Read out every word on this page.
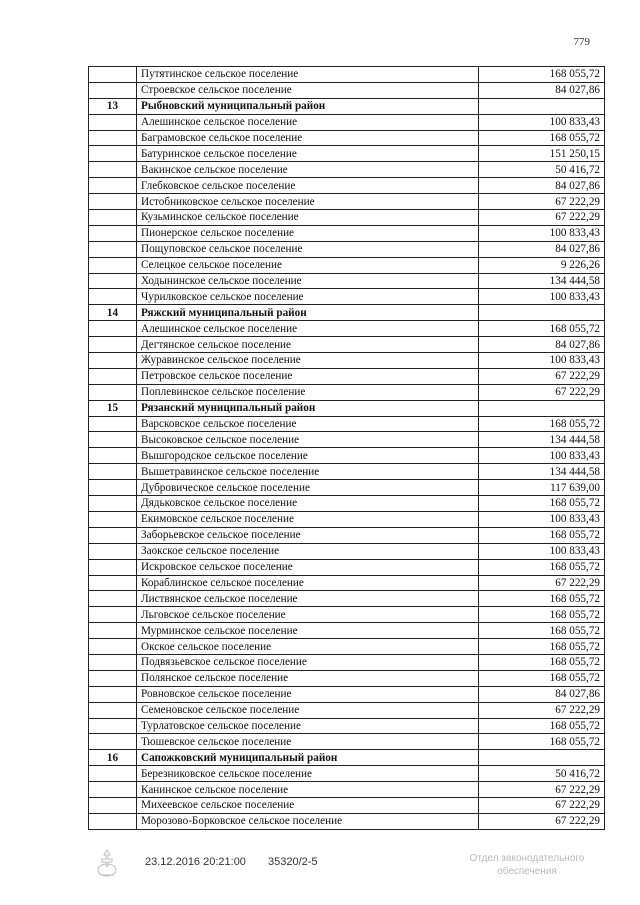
779
	Путятинское сельское поселение	168 055,72
	Строевское сельское поселение	84 027,86
13	Рыбновский муниципальный район	
	Алешинское сельское поселение	100 833,43
	Баграмовское сельское поселение	168 055,72
	Батуринское сельское поселение	151 250,15
	Вакинское сельское поселение	50 416,72
	Глебковское сельское поселение	84 027,86
	Истобниковское сельское поселение	67 222,29
	Кузьминское сельское поселение	67 222,29
	Пионерское сельское поселение	100 833,43
	Пощуповское сельское поселение	84 027,86
	Селецкое сельское поселение	9 226,26
	Ходынинское сельское поселение	134 444,58
	Чурилковское сельское поселение	100 833,43
14	Ряжский муниципальный район	
	Алешинское сельское поселение	168 055,72
	Дегтянское сельское поселение	84 027,86
	Журавинское сельское поселение	100 833,43
	Петровское сельское поселение	67 222,29
	Поплевинское сельское поселение	67 222,29
15	Рязанский муниципальный район	
	Варсковское сельское поселение	168 055,72
	Высоковское сельское поселение	134 444,58
	Вышгородское сельское поселение	100 833,43
	Вышетравинское сельское поселение	134 444,58
	Дубровическое сельское поселение	117 639,00
	Дядьковское сельское поселение	168 055,72
	Екимовское сельское поселение	100 833,43
	Заборьевское сельское поселение	168 055,72
	Заокское сельское поселение	100 833,43
	Искровское сельское поселение	168 055,72
	Кораблинское сельское поселение	67 222,29
	Листвянское сельское поселение	168 055,72
	Льговское сельское поселение	168 055,72
	Мурминское сельское поселение	168 055,72
	Окское сельское поселение	168 055,72
	Подвязьевское сельское поселение	168 055,72
	Полянское сельское поселение	168 055,72
	Ровновское сельское поселение	84 027,86
	Семеновское сельское поселение	67 222,29
	Турлатовское сельское поселение	168 055,72
	Тюшевское сельское поселение	168 055,72
16	Сапожковский муниципальный район	
	Березниковское сельское поселение	50 416,72
	Канинское сельское поселение	67 222,29
	Михеевское сельское поселение	67 222,29
	Морозово-Борковское сельское поселение	67 222,29
23.12.2016 20:21:00 35320/2-5	Отдел законодательного
обеспечения
